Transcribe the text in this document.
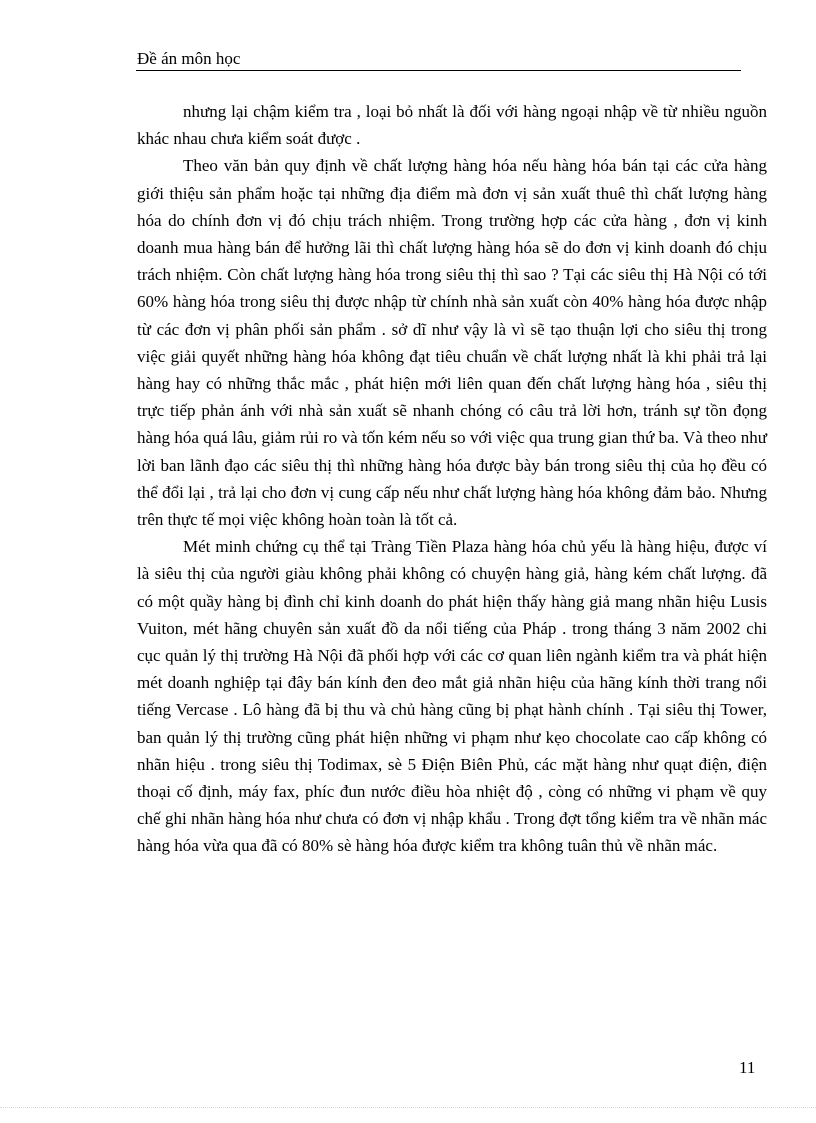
Đề án môn học

nhưng lại chậm kiểm tra , loại bỏ nhất là đối với hàng ngoại nhập về từ nhiều nguồn khác nhau chưa kiểm soát được .

Theo văn bản quy định về chất lượng hàng hóa nếu hàng hóa bán tại các cửa hàng giới thiệu sản phẩm hoặc tại những địa điểm mà đơn vị sản xuất thuê thì chất lượng hàng hóa do chính đơn vị đó chịu trách nhiệm. Trong trường hợp các cửa hàng , đơn vị kinh doanh mua hàng bán để hưởng lãi thì chất lượng hàng hóa sẽ do đơn vị kinh doanh đó chịu trách nhiệm. Còn chất lượng hàng hóa trong siêu thị thì sao ? Tại các siêu thị Hà Nội có tới 60% hàng hóa trong siêu thị được nhập từ chính nhà sản xuất còn 40% hàng hóa được nhập từ các đơn vị phân phối sản phẩm . sở dĩ như vậy là vì sẽ tạo thuận lợi cho siêu thị trong việc giải quyết những hàng hóa không đạt tiêu chuẩn về chất lượng nhất là khi phải trả lại hàng hay có những thắc mắc , phát hiện mới liên quan đến chất lượng hàng hóa , siêu thị trực tiếp phản ánh với nhà sản xuất sẽ nhanh chóng có câu trả lời hơn, tránh sự tồn đọng hàng hóa quá lâu, giảm rủi ro và tốn kém nếu so với việc qua trung gian thứ ba. Và theo như lời ban lãnh đạo các siêu thị thì những hàng hóa được bày bán trong siêu thị của họ đều có thể đổi lại , trả lại cho đơn vị cung cấp nếu như chất lượng hàng hóa không đảm bảo. Nhưng trên thực tế mọi việc không hoàn toàn là tốt cả.

Mét minh chứng cụ thể tại Tràng Tiền Plaza hàng hóa chủ yếu là hàng hiệu, được ví là siêu thị của người giàu không phải không có chuyện hàng giả, hàng kém chất lượng. đã có một quầy hàng bị đình chỉ kinh doanh do phát hiện thấy hàng giả mang nhãn hiệu Lusis Vuiton, mét hãng chuyên sản xuất đồ da nổi tiếng của Pháp . trong tháng 3 năm 2002 chi cục quản lý thị trường Hà Nội đã phối hợp với các cơ quan liên ngành kiểm tra và phát hiện mét doanh nghiệp tại đây bán kính đen đeo mắt giả nhãn hiệu của hãng kính thời trang nổi tiếng Vercase . Lô hàng đã bị thu và chủ hàng cũng bị phạt hành chính . Tại siêu thị Tower, ban quản lý thị trường cũng phát hiện những vi phạm như kẹo chocolate cao cấp không có nhãn hiệu . trong siêu thị Todimax, sè 5 Điện Biên Phủ, các mặt hàng như quạt điện, điện thoại cố định, máy fax, phíc đun nước điều hòa nhiệt độ , còng có những vi phạm về quy chế ghi nhãn hàng hóa như chưa có đơn vị nhập khẩu . Trong đợt tổng kiểm tra về nhãn mác hàng hóa vừa qua đã có 80% sè hàng hóa được kiểm tra không tuân thủ về nhãn mác.

11
